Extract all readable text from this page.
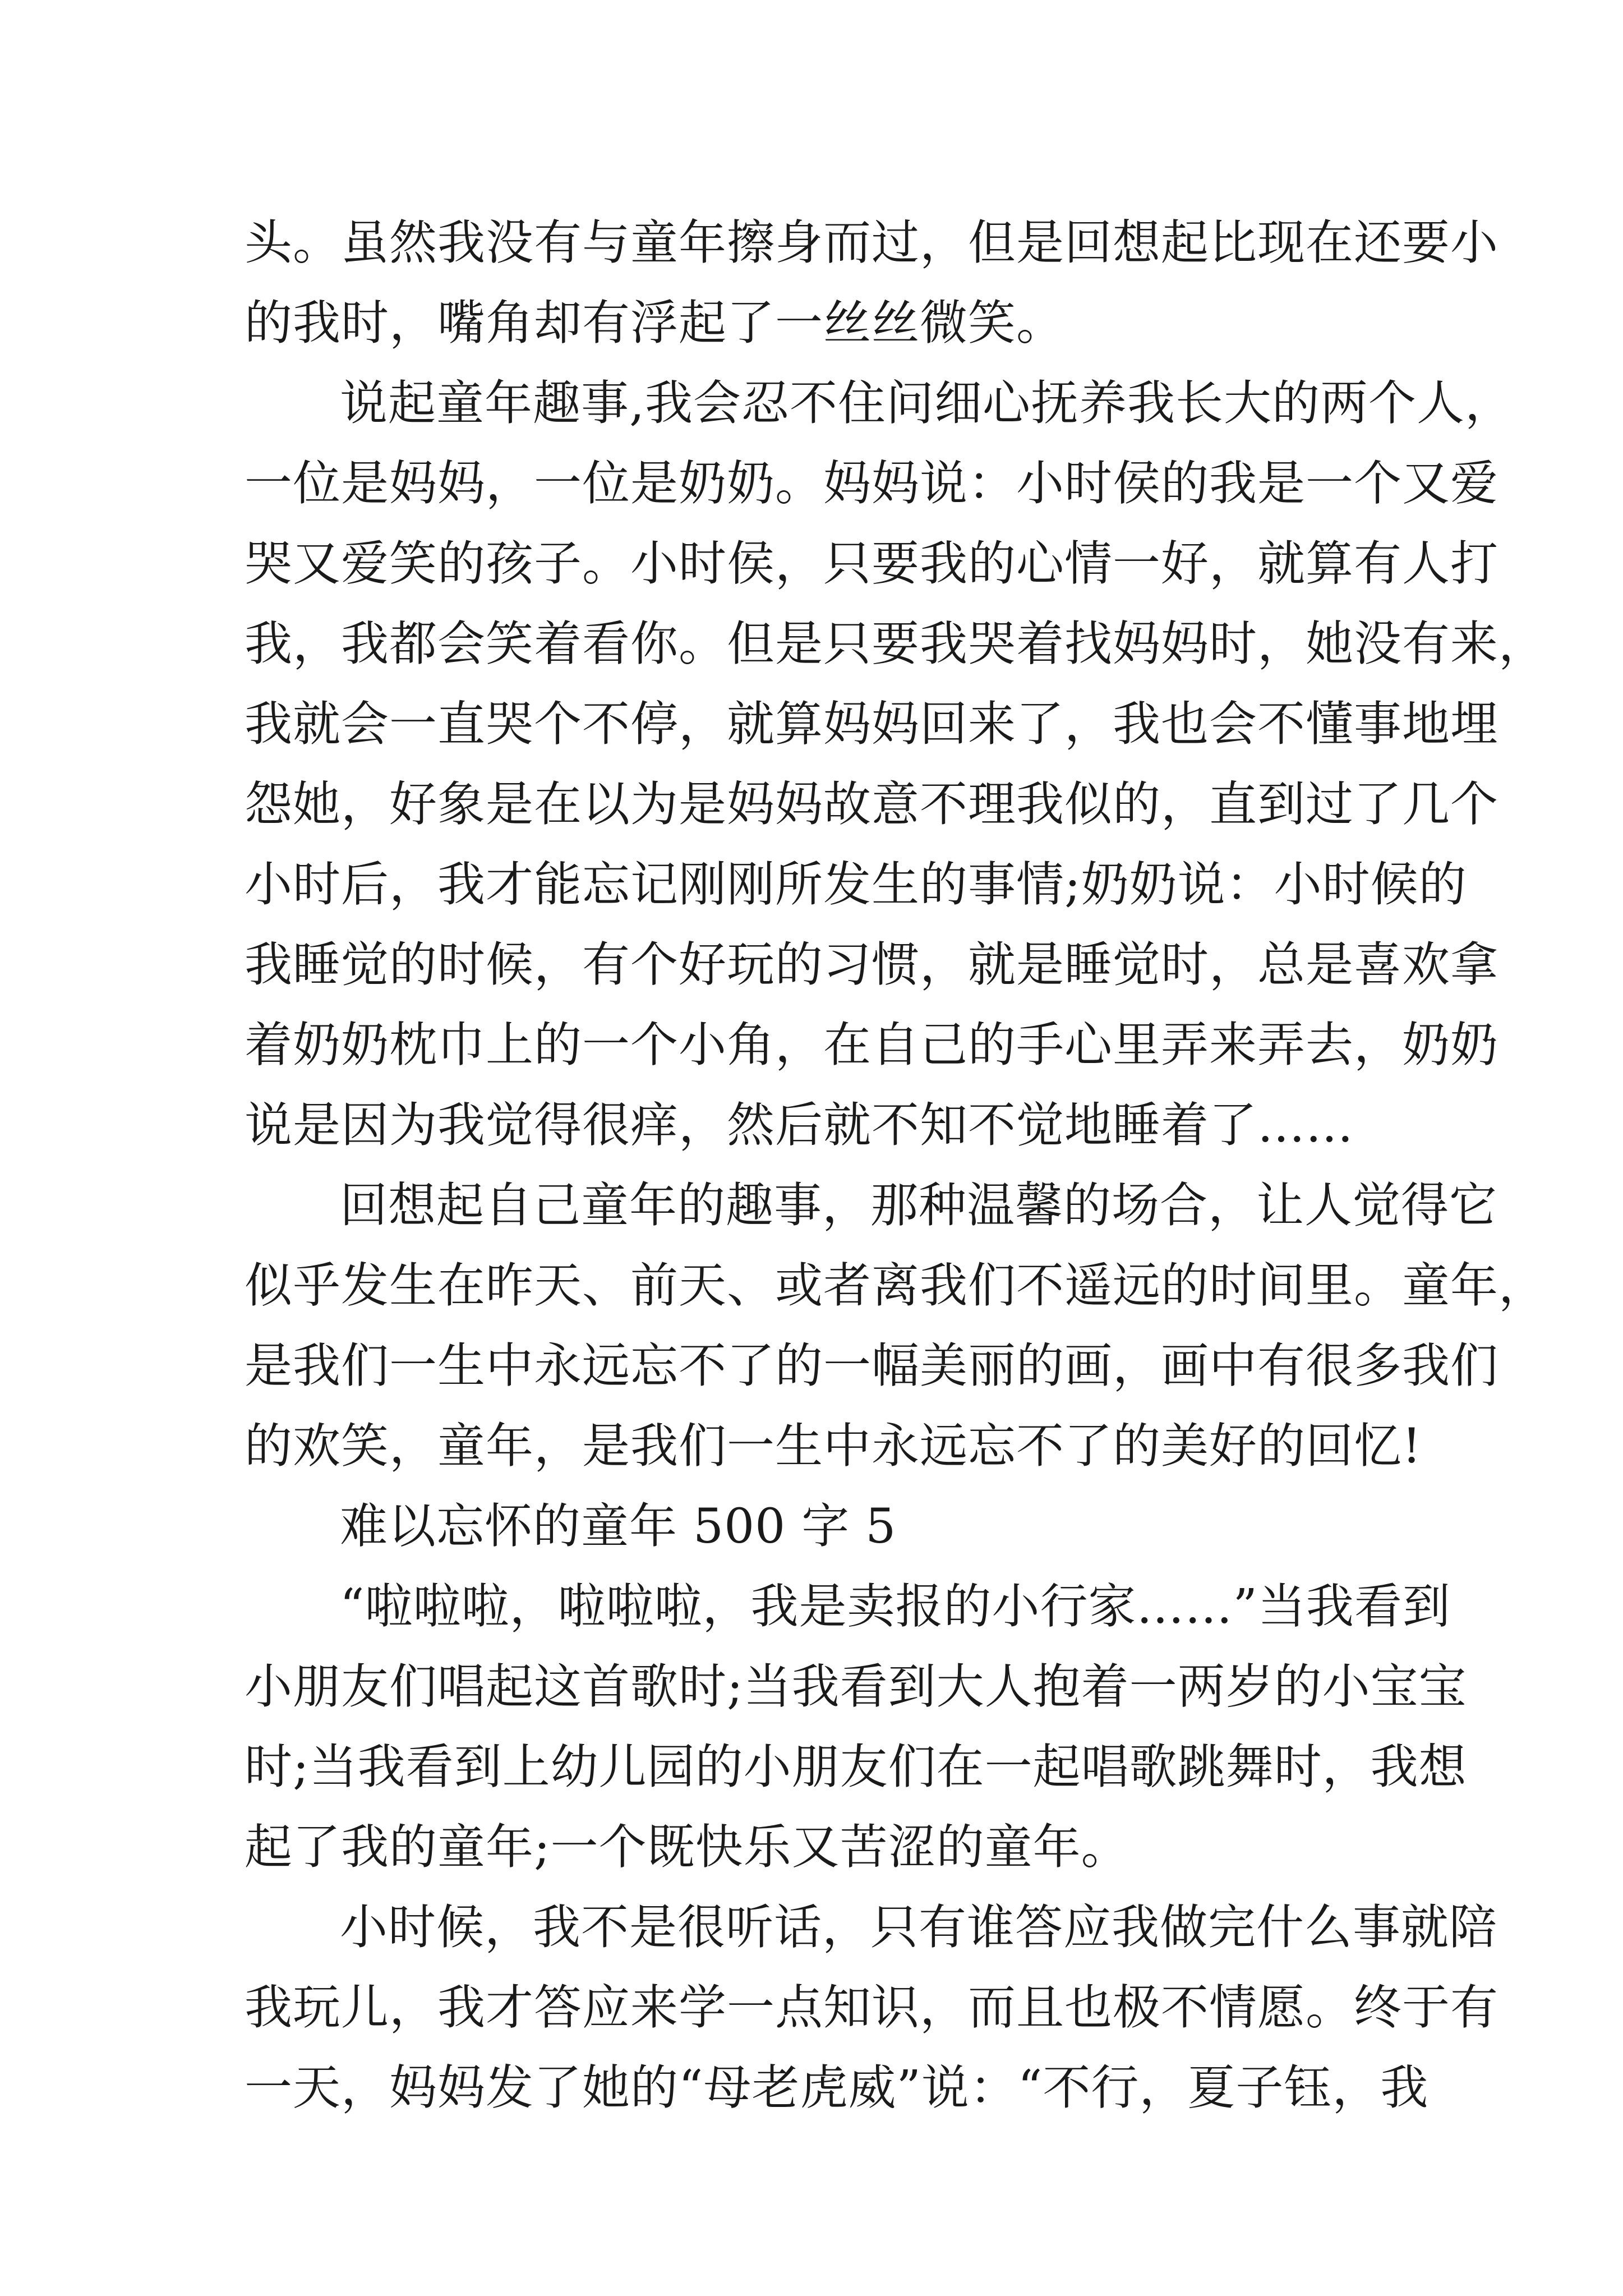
头。虽然我没有与童年擦身而过，但是回想起比现在还要小
的我时，嘴角却有浮起了一丝丝微笑。
说起童年趣事,我会忍不住问细心抚养我长大的两个人，
一位是妈妈，一位是奶奶。妈妈说：小时侯的我是一个又爱
哭又爱笑的孩子。小时侯，只要我的心情一好，就算有人打
我，我都会笑着看你。但是只要我哭着找妈妈时，她没有来，
我就会一直哭个不停，就算妈妈回来了，我也会不懂事地埋
怨她，好象是在以为是妈妈故意不理我似的，直到过了几个
小时后，我才能忘记刚刚所发生的事情;奶奶说：小时候的
我睡觉的时候，有个好玩的习惯，就是睡觉时，总是喜欢拿
着奶奶枕巾上的一个小角，在自己的手心里弄来弄去，奶奶
说是因为我觉得很痒，然后就不知不觉地睡着了……
回想起自己童年的趣事，那种温馨的场合，让人觉得它
似乎发生在昨天、前天、或者离我们不遥远的时间里。童年，
是我们一生中永远忘不了的一幅美丽的画，画中有很多我们
的欢笑，童年，是我们一生中永远忘不了的美好的回忆!
难以忘怀的童年 500 字 5
“啦啦啦，啦啦啦，我是卖报的小行家……”当我看到
小朋友们唱起这首歌时;当我看到大人抱着一两岁的小宝宝
时;当我看到上幼儿园的小朋友们在一起唱歌跳舞时，我想
起了我的童年;一个既快乐又苦涩的童年。
小时候，我不是很听话，只有谁答应我做完什么事就陪
我玩儿，我才答应来学一点知识，而且也极不情愿。终于有
一天，妈妈发了她的“母老虎威”说：“不行，夏子钰，我
